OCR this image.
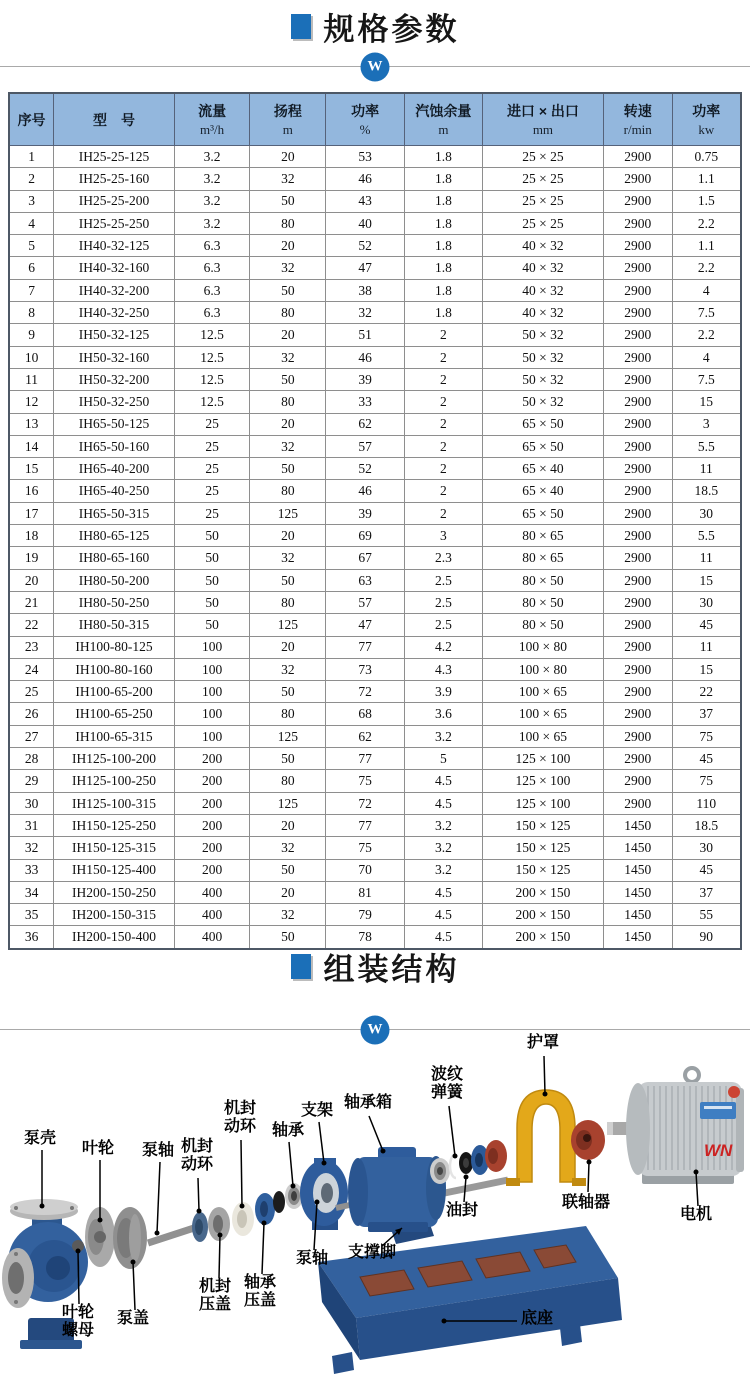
规格参数
W
序号	型　号

流量
m³/h

扬程
m

功率
%

汽蚀余量
m

进口 × 出口
mm

转速
r/min

功率
kw

1	IH25-25-125	3.2	20	53	1.8	25 × 25	2900	0.75
2	IH25-25-160	3.2	32	46	1.8	25 × 25	2900	1.1
3	IH25-25-200	3.2	50	43	1.8	25 × 25	2900	1.5
4	IH25-25-250	3.2	80	40	1.8	25 × 25	2900	2.2
5	IH40-32-125	6.3	20	52	1.8	40 × 32	2900	1.1
6	IH40-32-160	6.3	32	47	1.8	40 × 32	2900	2.2
7	IH40-32-200	6.3	50	38	1.8	40 × 32	2900	4
8	IH40-32-250	6.3	80	32	1.8	40 × 32	2900	7.5
9	IH50-32-125	12.5	20	51	2	50 × 32	2900	2.2
10	IH50-32-160	12.5	32	46	2	50 × 32	2900	4
11	IH50-32-200	12.5	50	39	2	50 × 32	2900	7.5
12	IH50-32-250	12.5	80	33	2	50 × 32	2900	15
13	IH65-50-125	25	20	62	2	65 × 50	2900	3
14	IH65-50-160	25	32	57	2	65 × 50	2900	5.5
15	IH65-40-200	25	50	52	2	65 × 40	2900	11
16	IH65-40-250	25	80	46	2	65 × 40	2900	18.5
17	IH65-50-315	25	125	39	2	65 × 50	2900	30
18	IH80-65-125	50	20	69	3	80 × 65	2900	5.5
19	IH80-65-160	50	32	67	2.3	80 × 65	2900	11
20	IH80-50-200	50	50	63	2.5	80 × 50	2900	15
21	IH80-50-250	50	80	57	2.5	80 × 50	2900	30
22	IH80-50-315	50	125	47	2.5	80 × 50	2900	45
23	IH100-80-125	100	20	77	4.2	100 × 80	2900	11
24	IH100-80-160	100	32	73	4.3	100 × 80	2900	15
25	IH100-65-200	100	50	72	3.9	100 × 65	2900	22
26	IH100-65-250	100	80	68	3.6	100 × 65	2900	37
27	IH100-65-315	100	125	62	3.2	100 × 65	2900	75
28	IH125-100-200	200	50	77	5	125 × 100	2900	45
29	IH125-100-250	200	80	75	4.5	125 × 100	2900	75
30	IH125-100-315	200	125	72	4.5	125 × 100	2900	110
31	IH150-125-250	200	20	77	3.2	150 × 125	1450	18.5
32	IH150-125-315	200	32	75	3.2	150 × 125	1450	30
33	IH150-125-400	200	50	70	3.2	150 × 125	1450	45
34	IH200-150-250	400	20	81	4.5	200 × 150	1450	37
35	IH200-150-315	400	32	79	4.5	200 × 150	1450	55
36	IH200-150-400	400	50	78	4.5	200 × 150	1450	90
组装结构
W
WN
泵壳
叶轮 泵轴 机封动环
机封动环 轴承
支架 轴承箱
波纹弹簧
护罩
油封	联轴器
电机
支撑脚
泵轴
机封压盖
轴承压盖
叶轮螺母
泵盖	底座
